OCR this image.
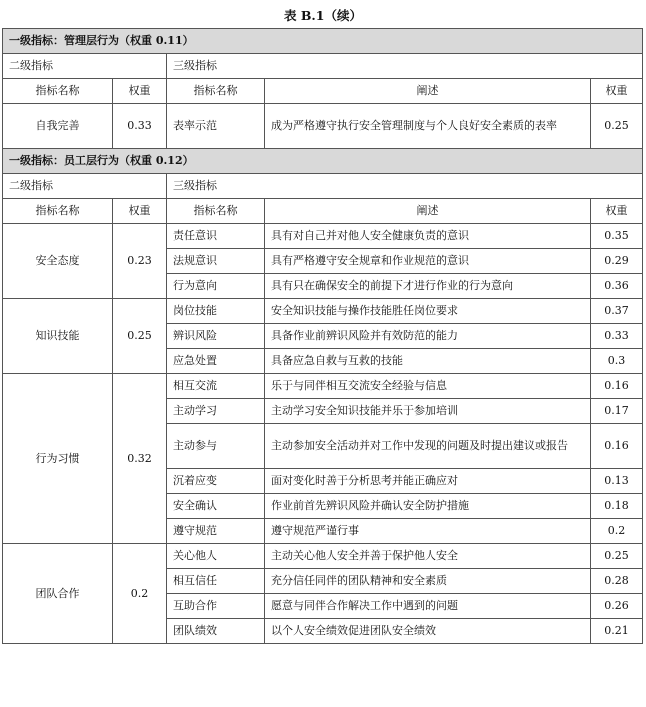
表 B.1（续）
一级指标：管理层行为（权重 0.11）				
二级指标		三级指标		
指标名称	权重	指标名称	阐述	权重
自我完善	0.33	表率示范	成为严格遵守执行安全管理制度与个人良好安全素质的表率	0.25
一级指标：员工层行为（权重 0.12）				
二级指标		三级指标		
指标名称	权重	指标名称	阐述	权重
安全态度	0.23	责任意识	具有对自己并对他人安全健康负责的意识	0.35
		法规意识	具有严格遵守安全规章和作业规范的意识	0.29
		行为意向	具有只在确保安全的前提下才进行作业的行为意向	0.36
知识技能	0.25	岗位技能	安全知识技能与操作技能胜任岗位要求	0.37
		辨识风险	具备作业前辨识风险并有效防范的能力	0.33
		应急处置	具备应急自救与互救的技能	0.3
行为习惯	0.32	相互交流	乐于与同伴相互交流安全经验与信息	0.16
		主动学习	主动学习安全知识技能并乐于参加培训	0.17
		主动参与	主动参加安全活动并对工作中发现的问题及时提出建议或报告	0.16
		沉着应变	面对变化时善于分析思考并能正确应对	0.13
		安全确认	作业前首先辨识风险并确认安全防护措施	0.18
		遵守规范	遵守规范严谨行事	0.2
团队合作	0.2	关心他人	主动关心他人安全并善于保护他人安全	0.25
		相互信任	充分信任同伴的团队精神和安全素质	0.28
		互助合作	愿意与同伴合作解决工作中遇到的问题	0.26
		团队绩效	以个人安全绩效促进团队安全绩效	0.21
